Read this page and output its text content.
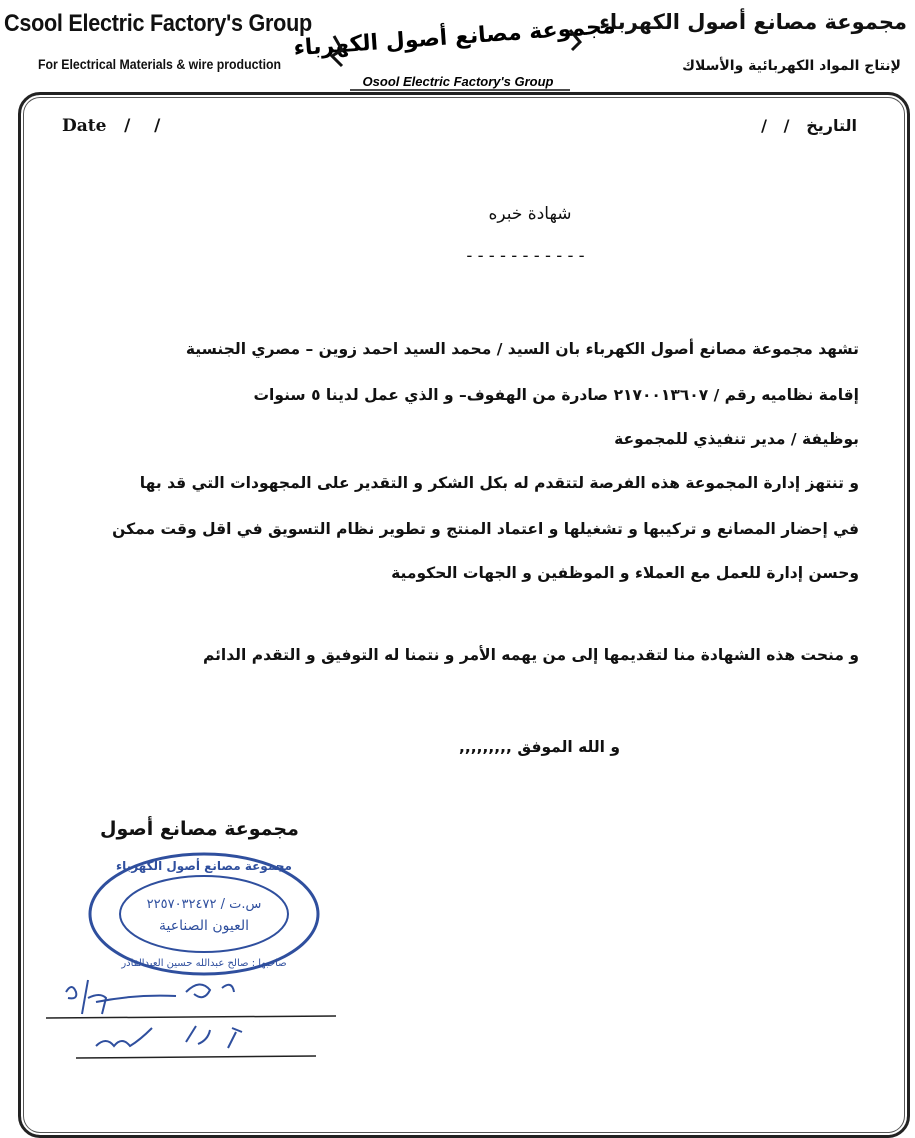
Csool Electric Factory's Group
For Electrical Materials & wire production
مجموعة مصانع أصول الكهرباء
Osool Electric Factory's Group
مجموعة مصانع أصول الكهرباء
لإنتاج المواد الكهربائية والأسلاك
Date   /    /	التاريخ   /   /
شهادة خبره
-----------
تشهد مجموعة مصانع أصول الكهرباء بان السيد / محمد السيد احمد زوين – مصري الجنسية
إقامة نظاميه رقم / ٢١٧٠٠١٣٦٠٧ صادرة من الهفوف– و الذي عمل لدينا ٥ سنوات
بوظيفة / مدير تنفيذي للمجموعة
و تنتهز إدارة المجموعة هذه الفرصة لتتقدم له بكل الشكر و التقدير على المجهودات التي قد بها
في إحضار المصانع و تركيبها و تشغيلها و اعتماد المنتج و تطوير نظام التسويق في اقل وقت ممكن
وحسن إدارة للعمل مع العملاء و الموظفين و الجهات الحكومية
و منحت هذه الشهادة منا لتقديمها إلى من يهمه الأمر و نتمنا له التوفيق و التقدم الدائم
و الله الموفق ,,,,,,,,,
مجموعة مصانع أصول
مجموعة مصانع أصول الكهرباء
س.ت / ٢٢٥٧٠٣٢٤٧٢
العيون الصناعية
صاحبها : صالح عبدالله حسين العبدالقادر
